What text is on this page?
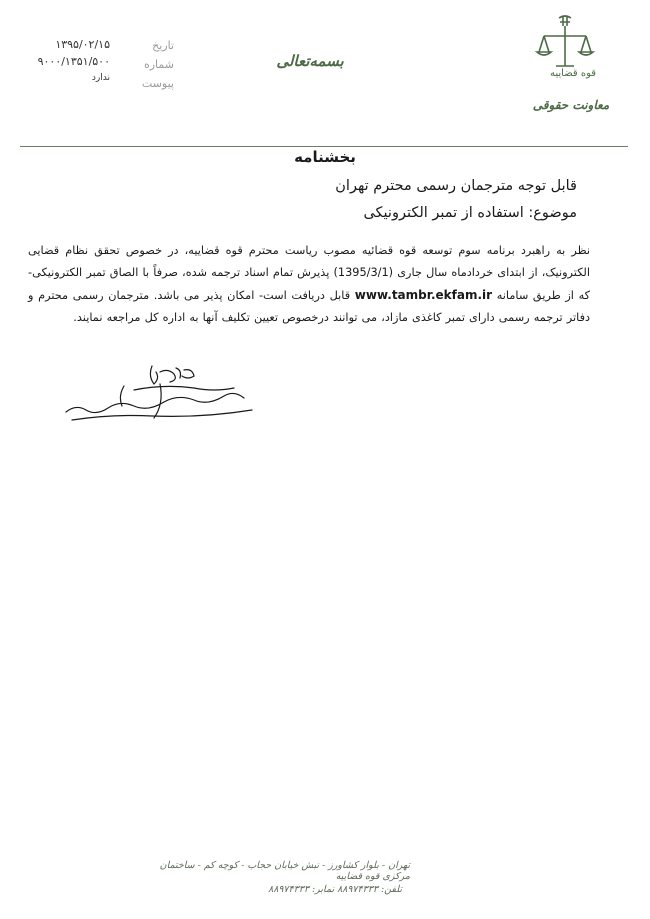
۱۳۹۵/۰۲/۱۵
۹۰۰۰/۱۳۵۱/۵۰۰
ندارد
تاریخ
شماره
پیوست
بسمه‌تعالی
قوه قضاییه
معاونت حقوقی
بخشنامه
قابل توجه مترجمان رسمی محترم تهران
موضوع: استفاده از تمبر الکترونیکی

نظر به راهبرد برنامه سوم توسعه قوه قضائیه مصوب ریاست محترم قوه قضاییه، در خصوص تحقق نظام قضایی الکترونیک، از ابتدای خردادماه سال جاری (1395/3/1) پذیرش تمام اسناد ترجمه شده، صرفاً با الصاق تمبر الکترونیکی- که از طریق سامانه www.tambr.ekfam.ir قابل دریافت است- امکان پذیر می باشد. مترجمان رسمی محترم و دفاتر ترجمه رسمی دارای تمبر کاغذی مازاد، می توانند درخصوص تعیین تکلیف آنها به اداره کل مراجعه نمایند.

تهران - بلوار کشاورز - نبش خیابان حجاب - کوچه کم - ساختمان مرکزی قوه قضاییه
تلفن: ۸۸۹۷۴۳۳۳ نمابر: ۸۸۹۷۴۳۳۳
